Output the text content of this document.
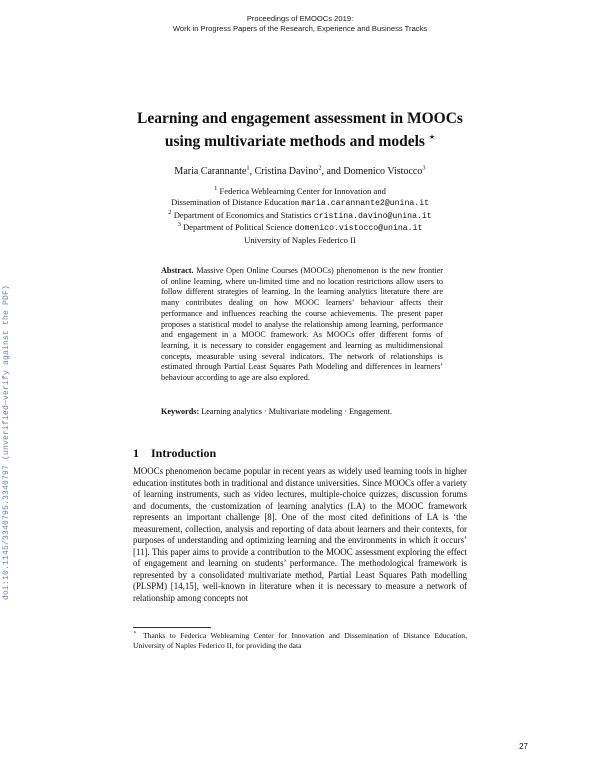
Proceedings of EMOOCs 2019:
Work in Progress Papers of the Research, Experience and Business Tracks
doi:10.1145/3340795.3340797 (unverified—verify against the PDF)
Learning and engagement assessment in MOOCs
using multivariate methods and models ⋆
Maria Carannante$^1$, Cristina Davino$^2$, and Domenico Vistocco$^3$
$^1$ Federica Weblearning Center for Innovation and
Dissemination of Distance Education maria.carannante2@unina.it
$^2$ Department of Economics and Statistics cristina.davino@unina.it
$^3$ Department of Political Science domenico.vistocco@unina.it
University of Naples Federico II
Abstract. Massive Open Online Courses (MOOCs) phenomenon is the new frontier of online learning, where un-limited time and no location restrictions allow users to follow different strategies of learning. In the learning analytics literature there are many contributes dealing on how MOOC learners’ behaviour affects their performance and influences reaching the course achievements. The present paper proposes a statistical model to analyse the relationship among learning, performance and engagement in a MOOC framework. As MOOCs offer different forms of learning, it is necessary to consider engagement and learning as multidimensional concepts, measurable using several indicators. The network of relationships is estimated through Partial Least Squares Path Modeling and differences in learners’ behaviour according to age are also explored.
Keywords: Learning analytics · Multivariate modeling · Engagement.
1 Introduction
MOOCs phenomenon became popular in recent years as widely used learning tools in higher education institutes both in traditional and distance universities. Since MOOCs offer a variety of learning instruments, such as video lectures, multiple-choice quizzes, discussion forums and documents, the customization of learning analytics (LA) to the MOOC framework represents an important challenge [8]. One of the most cited definitions of LA is ‘the measurement, collection, analysis and reporting of data about learners and their contexts, for purposes of understanding and optimizing learning and the environments in which it occurs’ [11]. This paper aims to provide a contribution to the MOOC assessment exploring the effect of engagement and learning on students’ performance. The methodological framework is represented by a consolidated multivariate method, Partial Least Squares Path modelling (PLSPM) [14,15], well-known in literature when it is necessary to measure a network of relationship among concepts not
⋆ Thanks to Federica Weblearning Center for Innovation and Dissemination of Distance Education, University of Naples Federico II, for providing the data
27
